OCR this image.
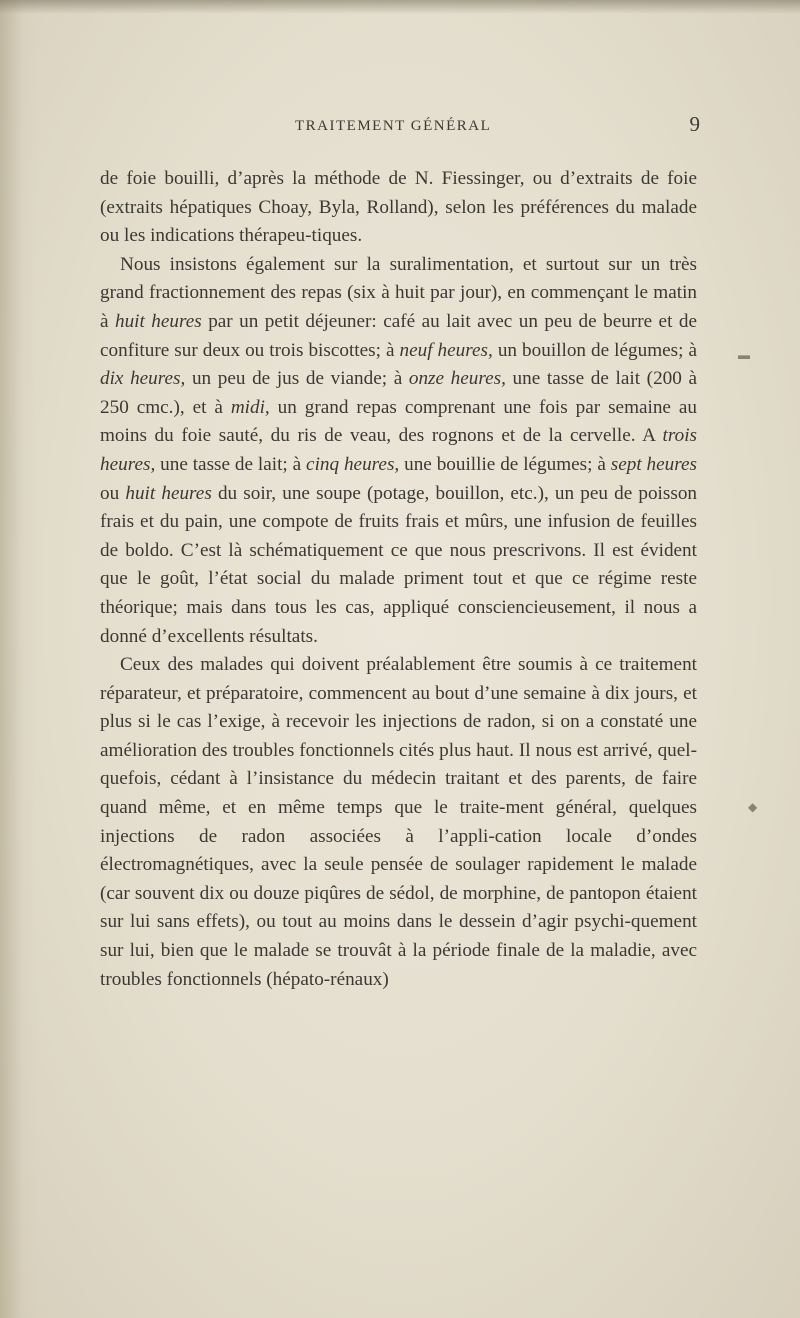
TRAITEMENT GÉNÉRAL	9

de foie bouilli, d’après la méthode de N. Fiessinger, ou d’extraits de foie (extraits hépatiques Choay, Byla, Rolland), selon les préférences du malade ou les indications thérapeu-tiques.

Nous insistons également sur la suralimentation, et surtout sur un très grand fractionnement des repas (six à huit par jour), en commençant le matin à huit heures par un petit déjeuner: café au lait avec un peu de beurre et de confiture sur deux ou trois biscottes; à neuf heures, un bouillon de légumes; à dix heures, un peu de jus de viande; à onze heures, une tasse de lait (200 à 250 cmc.), et à midi, un grand repas comprenant une fois par semaine au moins du foie sauté, du ris de veau, des rognons et de la cervelle. A trois heures, une tasse de lait; à cinq heures, une bouillie de légumes; à sept heures ou huit heures du soir, une soupe (potage, bouillon, etc.), un peu de poisson frais et du pain, une compote de fruits frais et mûrs, une infusion de feuilles de boldo. C’est là schématiquement ce que nous prescrivons. Il est évident que le goût, l’état social du malade priment tout et que ce régime reste théorique; mais dans tous les cas, appliqué consciencieusement, il nous a donné d’excellents résultats.

Ceux des malades qui doivent préalablement être soumis à ce traitement réparateur, et préparatoire, commencent au bout d’une semaine à dix jours, et plus si le cas l’exige, à recevoir les injections de radon, si on a constaté une amélioration des troubles fonctionnels cités plus haut. Il nous est arrivé, quel-quefois, cédant à l’insistance du médecin traitant et des parents, de faire quand même, et en même temps que le traite-ment général, quelques injections de radon associées à l’appli-cation locale d’ondes électromagnétiques, avec la seule pensée de soulager rapidement le malade (car souvent dix ou douze piqûres de sédol, de morphine, de pantopon étaient sur lui sans effets), ou tout au moins dans le dessein d’agir psychi-quement sur lui, bien que le malade se trouvât à la période finale de la maladie, avec troubles fonctionnels (hépato-rénaux)

▬
◆
